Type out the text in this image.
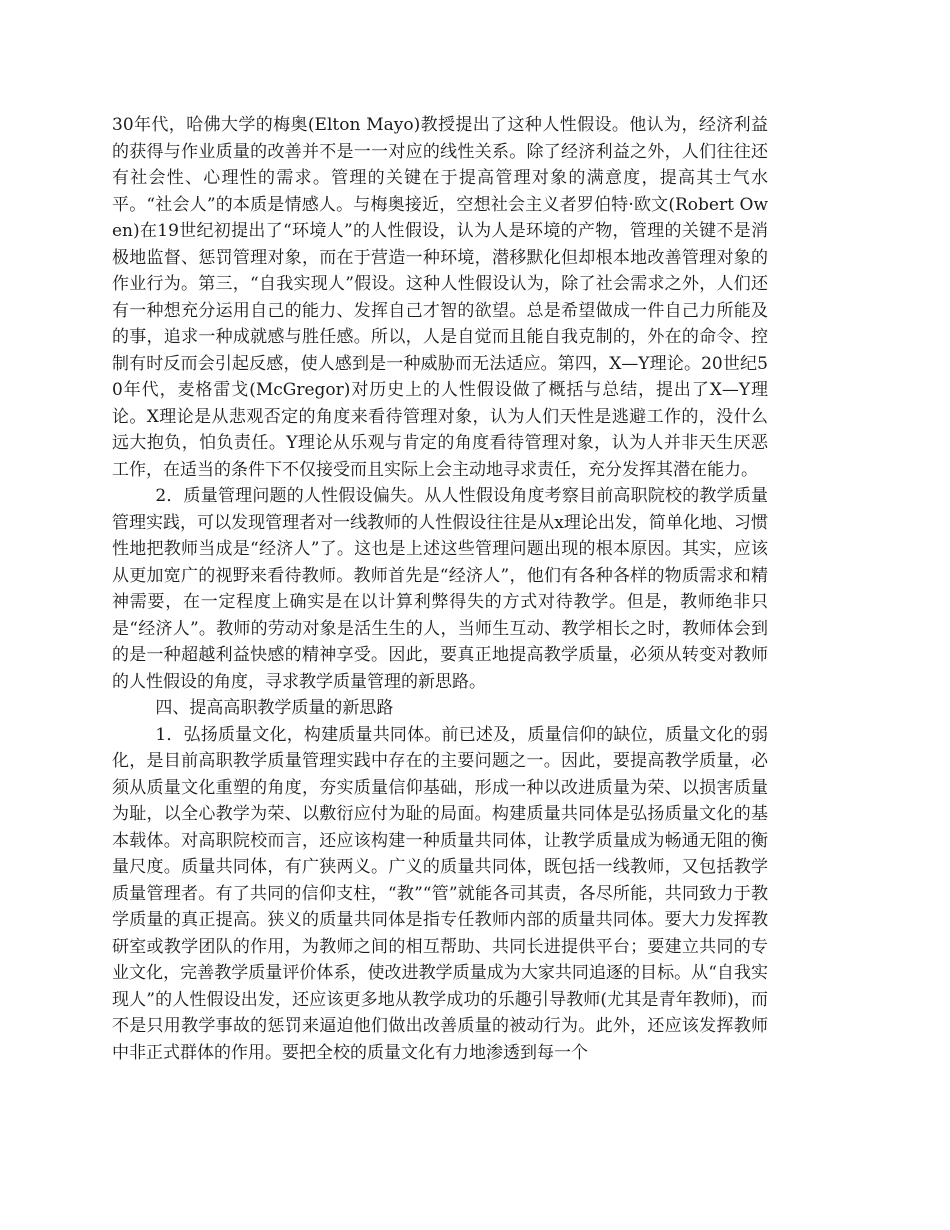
30年代，哈佛大学的梅奥(Elton Mayo)教授提出了这种人性假设。他认为，经济利益的获得与作业质量的改善并不是一一对应的线性关系。除了经济利益之外，人们往往还有社会性、心理性的需求。管理的关键在于提高管理对象的满意度，提高其士气水平。“社会人”的本质是情感人。与梅奥接近，空想社会主义者罗伯特·欧文(Robert Owen)在19世纪初提出了“环境人”的人性假设，认为人是环境的产物，管理的关键不是消极地监督、惩罚管理对象，而在于营造一种环境，潜移默化但却根本地改善管理对象的作业行为。第三，“自我实现人”假设。这种人性假设认为，除了社会需求之外，人们还有一种想充分运用自己的能力、发挥自己才智的欲望。总是希望做成一件自己力所能及的事，追求一种成就感与胜任感。所以，人是自觉而且能自我克制的，外在的命令、控制有时反而会引起反感，使人感到是一种威胁而无法适应。第四，X—Y理论。20世纪50年代，麦格雷戈(McGregor)对历史上的人性假设做了概括与总结，提出了X—Y理论。X理论是从悲观否定的角度来看待管理对象，认为人们天性是逃避工作的，没什么远大抱负，怕负责任。Y理论从乐观与肯定的角度看待管理对象，认为人并非天生厌恶工作，在适当的条件下不仅接受而且实际上会主动地寻求责任，充分发挥其潜在能力。

2．质量管理问题的人性假设偏失。从人性假设角度考察目前高职院校的教学质量管理实践，可以发现管理者对一线教师的人性假设往往是从x理论出发，简单化地、习惯性地把教师当成是“经济人”了。这也是上述这些管理问题出现的根本原因。其实，应该从更加宽广的视野来看待教师。教师首先是“经济人”，他们有各种各样的物质需求和精神需要，在一定程度上确实是在以计算利弊得失的方式对待教学。但是，教师绝非只是“经济人”。教师的劳动对象是活生生的人，当师生互动、教学相长之时，教师体会到的是一种超越利益快感的精神享受。因此，要真正地提高教学质量，必须从转变对教师的人性假设的角度，寻求教学质量管理的新思路。

四、提高高职教学质量的新思路

1．弘扬质量文化，构建质量共同体。前已述及，质量信仰的缺位，质量文化的弱化，是目前高职教学质量管理实践中存在的主要问题之一。因此，要提高教学质量，必须从质量文化重塑的角度，夯实质量信仰基础，形成一种以改进质量为荣、以损害质量为耻，以全心教学为荣、以敷衍应付为耻的局面。构建质量共同体是弘扬质量文化的基本载体。对高职院校而言，还应该构建一种质量共同体，让教学质量成为畅通无阻的衡量尺度。质量共同体，有广狭两义。广义的质量共同体，既包括一线教师，又包括教学质量管理者。有了共同的信仰支柱，“教”“管”就能各司其责，各尽所能，共同致力于教学质量的真正提高。狭义的质量共同体是指专任教师内部的质量共同体。要大力发挥教研室或教学团队的作用，为教师之间的相互帮助、共同长进提供平台；要建立共同的专业文化，完善教学质量评价体系，使改进教学质量成为大家共同追逐的目标。从“自我实现人”的人性假设出发，还应该更多地从教学成功的乐趣引导教师(尤其是青年教师)，而不是只用教学事故的惩罚来逼迫他们做出改善质量的被动行为。此外，还应该发挥教师中非正式群体的作用。要把全校的质量文化有力地渗透到每一个
